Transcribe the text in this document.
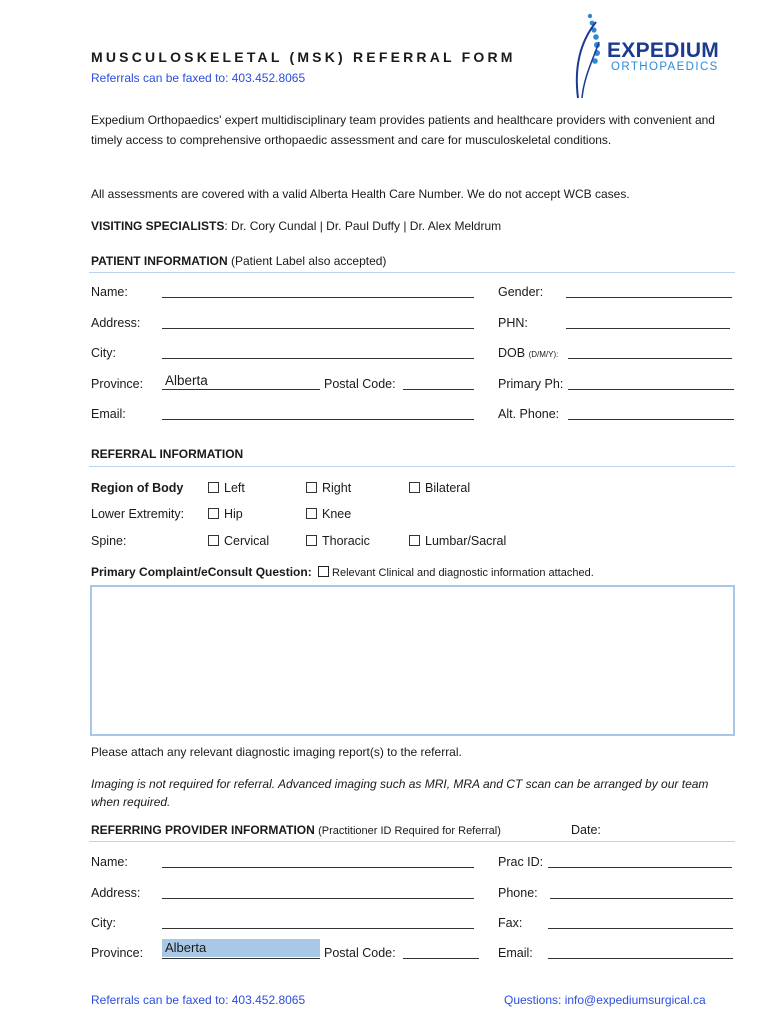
MUSCULOSKELETAL (MSK) REFERRAL FORM
Referrals can be faxed to: 403.452.8065
EXPEDIUM
ORTHOPAEDICS
Expedium Orthopaedics' expert multidisciplinary team provides patients and healthcare providers with convenient and timely access to comprehensive orthopaedic assessment and care for musculoskeletal conditions.
All assessments are covered with a valid Alberta Health Care Number. We do not accept WCB cases.
VISITING SPECIALISTS: Dr. Cory Cundal | Dr. Paul Duffy | Dr. Alex Meldrum
PATIENT INFORMATION (Patient Label also accepted)
Name:	Gender:
Address:	PHN:
City:	DOB (D/M/Y):
Province: Alberta	Postal Code:	Primary Ph:
Email:	Alt. Phone:
REFERRAL INFORMATION
Region of Body	Left	Right	Bilateral
Lower Extremity:	Hip	Knee
Spine:	Cervical	Thoracic	Lumbar/Sacral
Primary Complaint/eConsult Question: Relevant Clinical and diagnostic information attached.
Please attach any relevant diagnostic imaging report(s) to the referral.
Imaging is not required for referral. Advanced imaging such as MRI, MRA and CT scan can be arranged by our team when required.
REFERRING PROVIDER INFORMATION (Practitioner ID Required for Referral)	Date:
Name:	Prac ID:
Address:	Phone:
City:	Fax:
Province: Alberta	Postal Code:	Email:
Referrals can be faxed to: 403.452.8065	Questions: info@expediumsurgical.ca
